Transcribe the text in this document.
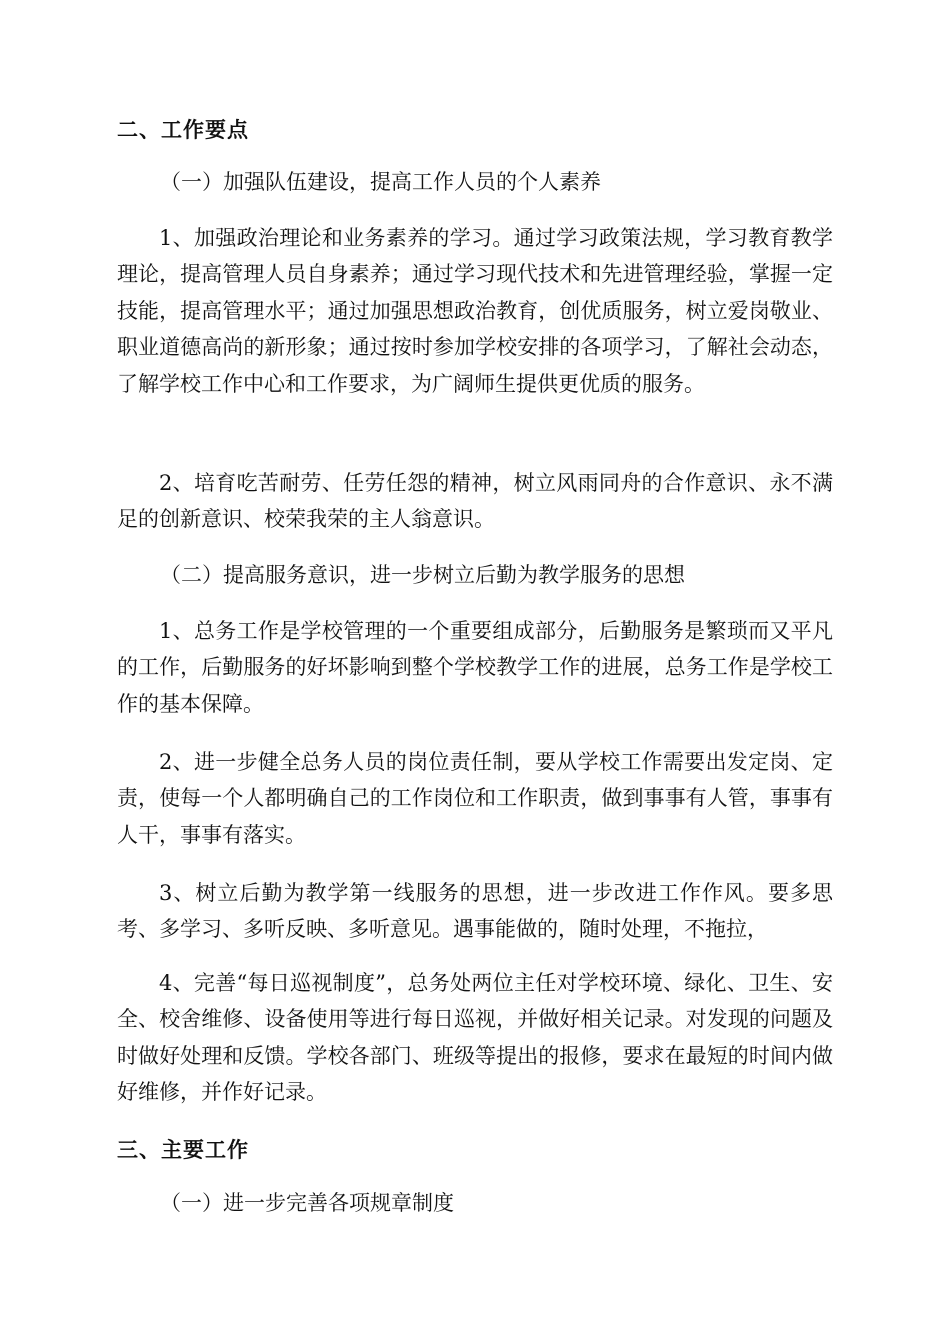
二、工作要点

（一）加强队伍建设，提高工作人员的个人素养

1、加强政治理论和业务素养的学习。通过学习政策法规，学习教育教学理论，提高管理人员自身素养；通过学习现代技术和先进管理经验，掌握一定技能，提高管理水平；通过加强思想政治教育，创优质服务，树立爱岗敬业、职业道德高尚的新形象；通过按时参加学校安排的各项学习，了解社会动态，了解学校工作中心和工作要求，为广阔师生提供更优质的服务。

2、培育吃苦耐劳、任劳任怨的精神，树立风雨同舟的合作意识、永不满足的创新意识、校荣我荣的主人翁意识。

（二）提高服务意识，进一步树立后勤为教学服务的思想

1、总务工作是学校管理的一个重要组成部分，后勤服务是繁琐而又平凡的工作，后勤服务的好坏影响到整个学校教学工作的进展，总务工作是学校工作的基本保障。

2、进一步健全总务人员的岗位责任制，要从学校工作需要出发定岗、定责，使每一个人都明确自己的工作岗位和工作职责，做到事事有人管，事事有人干，事事有落实。

3、树立后勤为教学第一线服务的思想，进一步改进工作作风。要多思考、多学习、多听反映、多听意见。遇事能做的，随时处理，不拖拉，

4、完善“每日巡视制度”，总务处两位主任对学校环境、绿化、卫生、安全、校舍维修、设备使用等进行每日巡视，并做好相关记录。对发现的问题及时做好处理和反馈。学校各部门、班级等提出的报修，要求在最短的时间内做好维修，并作好记录。

三、主要工作

（一）进一步完善各项规章制度
